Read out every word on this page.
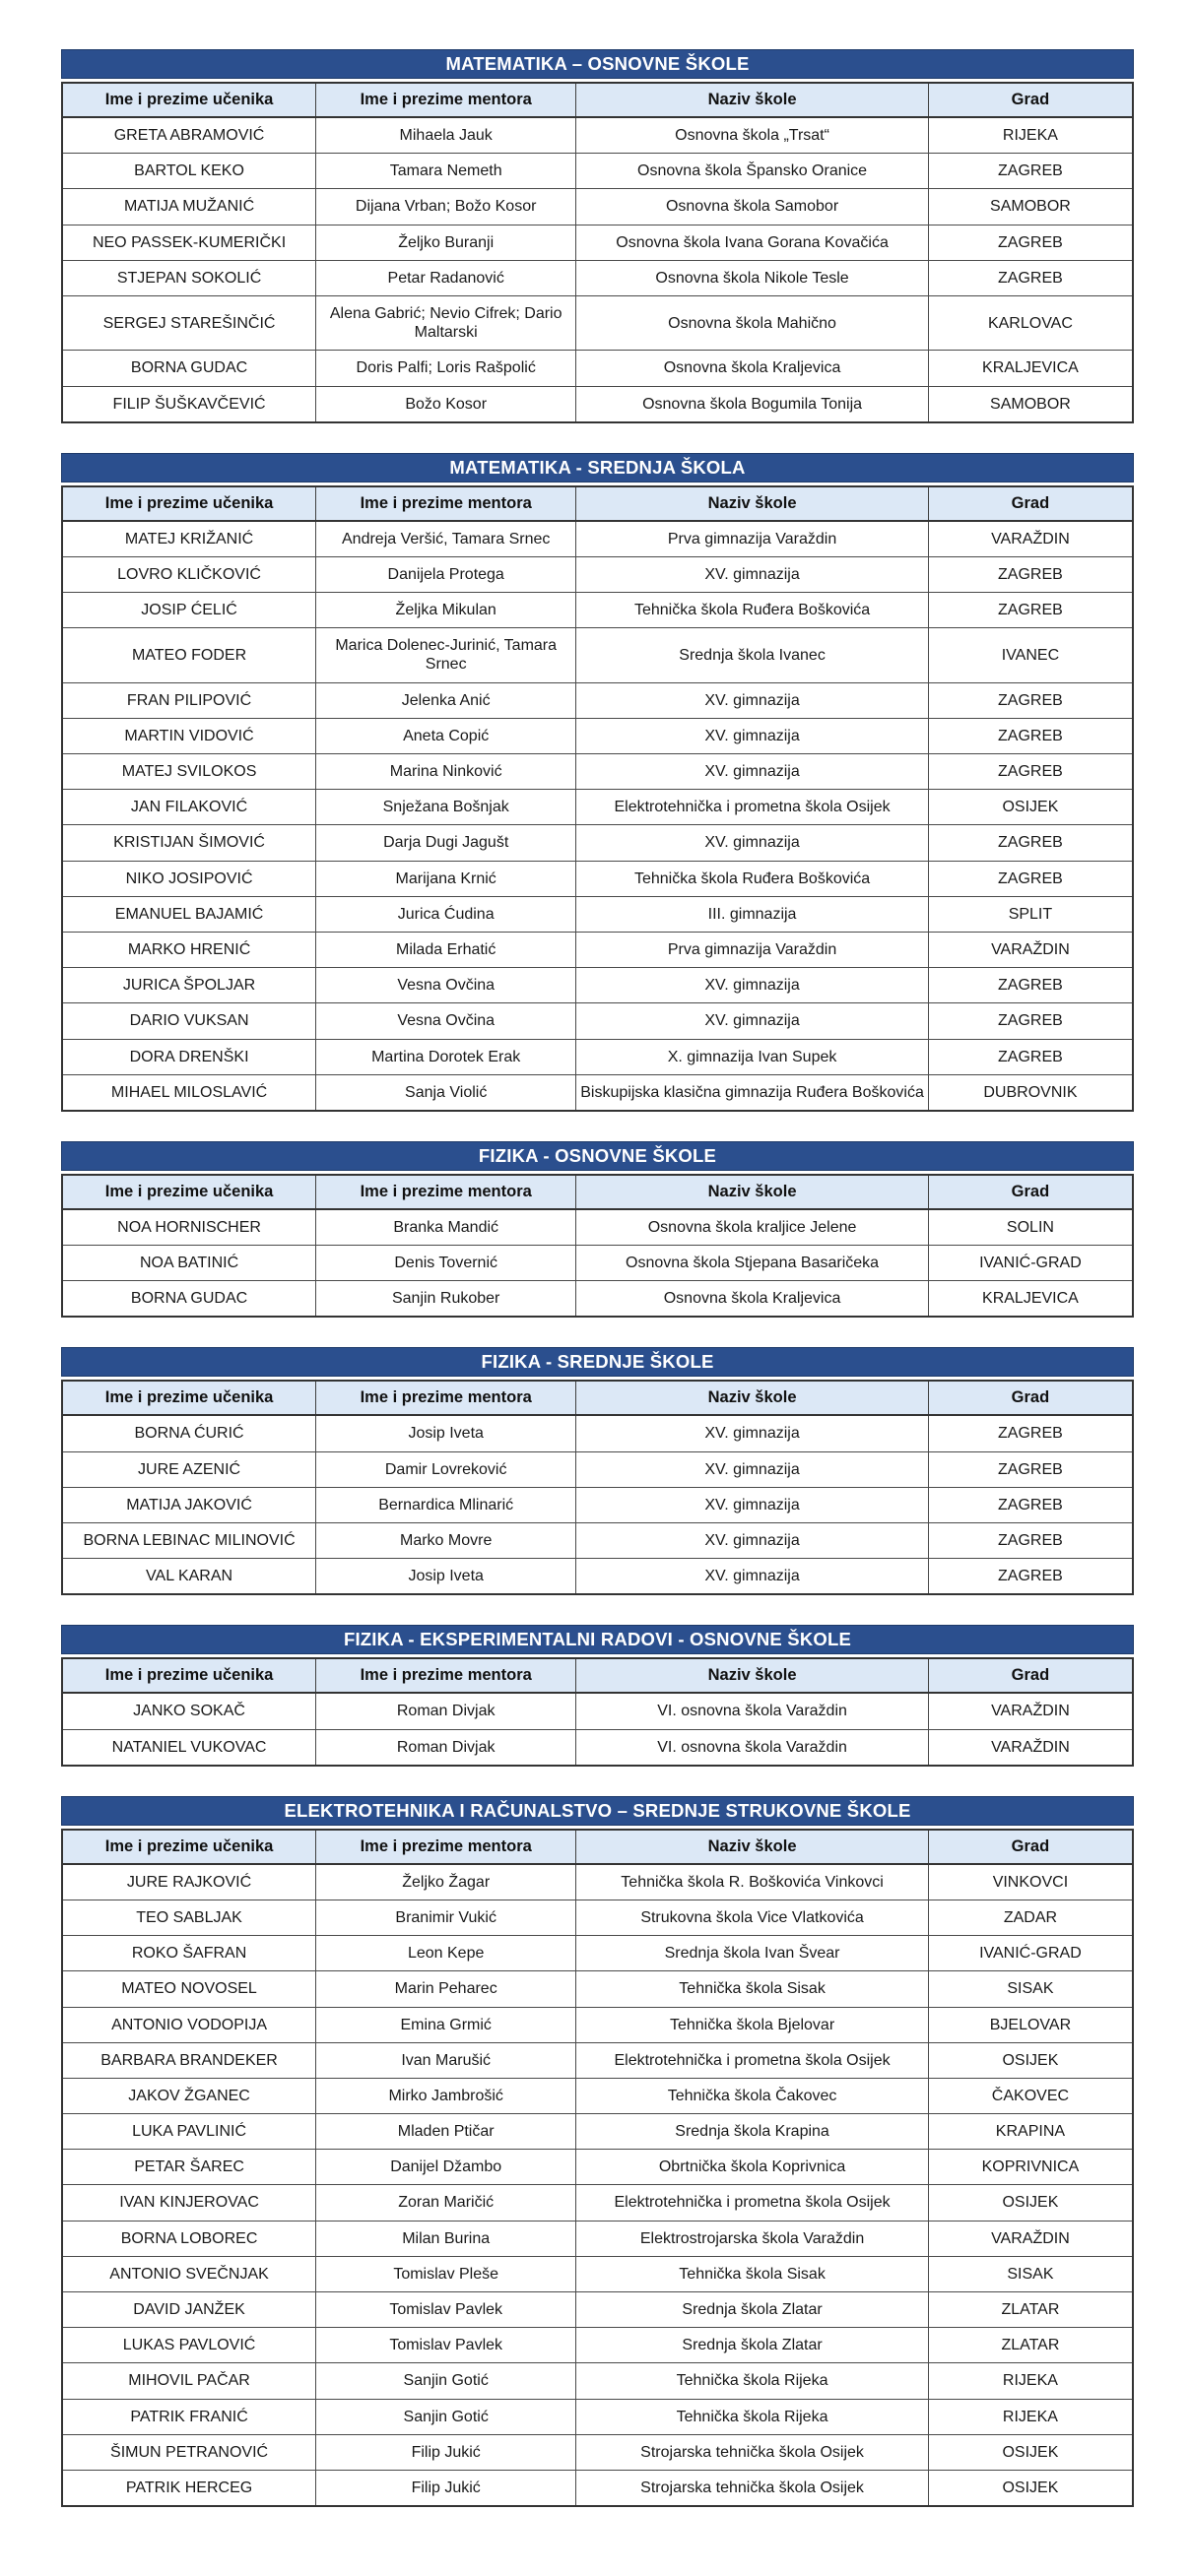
MATEMATIKA – OSNOVNE ŠKOLE
Ime i prezime učenika	Ime i prezime mentora	Naziv škole	Grad
GRETA ABRAMOVIĆ	Mihaela Jauk	Osnovna škola „Trsat“	RIJEKA
BARTOL KEKO	Tamara Nemeth	Osnovna škola Špansko Oranice	ZAGREB
MATIJA MUŽANIĆ	Dijana Vrban; Božo Kosor	Osnovna škola Samobor	SAMOBOR
NEO PASSEK-KUMERIČKI	Željko Buranji	Osnovna škola Ivana Gorana Kovačića	ZAGREB
STJEPAN SOKOLIĆ	Petar Radanović	Osnovna škola Nikole Tesle	ZAGREB
SERGEJ STAREŠINČIĆ	Alena Gabrić; Nevio Cifrek; Dario Maltarski	Osnovna škola Mahično	KARLOVAC
BORNA GUDAC	Doris Palfi; Loris Rašpolić	Osnovna škola Kraljevica	KRALJEVICA
FILIP ŠUŠKAVČEVIĆ	Božo Kosor	Osnovna škola Bogumila Tonija	SAMOBOR
MATEMATIKA - SREDNJA ŠKOLA
Ime i prezime učenika	Ime i prezime mentora	Naziv škole	Grad
MATEJ KRIŽANIĆ	Andreja Veršić, Tamara Srnec	Prva gimnazija Varaždin	VARAŽDIN
LOVRO KLIČKOVIĆ	Danijela Protega	XV. gimnazija	ZAGREB
JOSIP ĆELIĆ	Željka Mikulan	Tehnička škola Ruđera Boškovića	ZAGREB
MATEO FODER	Marica Dolenec-Jurinić, Tamara Srnec	Srednja škola Ivanec	IVANEC
FRAN PILIPOVIĆ	Jelenka Anić	XV. gimnazija	ZAGREB
MARTIN VIDOVIĆ	Aneta Copić	XV. gimnazija	ZAGREB
MATEJ SVILOKOS	Marina Ninković	XV. gimnazija	ZAGREB
JAN FILAKOVIĆ	Snježana Bošnjak	Elektrotehnička i prometna škola Osijek	OSIJEK
KRISTIJAN ŠIMOVIĆ	Darja Dugi Jagušt	XV. gimnazija	ZAGREB
NIKO JOSIPOVIĆ	Marijana Krnić	Tehnička škola Ruđera Boškovića	ZAGREB
EMANUEL BAJAMIĆ	Jurica Ćudina	III. gimnazija	SPLIT
MARKO HRENIĆ	Milada Erhatić	Prva gimnazija Varaždin	VARAŽDIN
JURICA ŠPOLJAR	Vesna Ovčina	XV. gimnazija	ZAGREB
DARIO VUKSAN	Vesna Ovčina	XV. gimnazija	ZAGREB
DORA DRENŠKI	Martina Dorotek Erak	X. gimnazija Ivan Supek	ZAGREB
MIHAEL MILOSLAVIĆ	Sanja Violić	Biskupijska klasična gimnazija Ruđera Boškovića	DUBROVNIK
FIZIKA - OSNOVNE ŠKOLE
Ime i prezime učenika	Ime i prezime mentora	Naziv škole	Grad
NOA HORNISCHER	Branka Mandić	Osnovna škola kraljice Jelene	SOLIN
NOA BATINIĆ	Denis Tovernić	Osnovna škola Stjepana Basaričeka	IVANIĆ-GRAD
BORNA GUDAC	Sanjin Rukober	Osnovna škola Kraljevica	KRALJEVICA
FIZIKA - SREDNJE ŠKOLE
Ime i prezime učenika	Ime i prezime mentora	Naziv škole	Grad
BORNA ĆURIĆ	Josip Iveta	XV. gimnazija	ZAGREB
JURE AZENIĆ	Damir Lovreković	XV. gimnazija	ZAGREB
MATIJA JAKOVIĆ	Bernardica Mlinarić	XV. gimnazija	ZAGREB
BORNA LEBINAC MILINOVIĆ	Marko Movre	XV. gimnazija	ZAGREB
VAL KARAN	Josip Iveta	XV. gimnazija	ZAGREB
FIZIKA - EKSPERIMENTALNI RADOVI - OSNOVNE ŠKOLE
Ime i prezime učenika	Ime i prezime mentora	Naziv škole	Grad
JANKO SOKAČ	Roman Divjak	VI. osnovna škola Varaždin	VARAŽDIN
NATANIEL VUKOVAC	Roman Divjak	VI. osnovna škola Varaždin	VARAŽDIN
ELEKTROTEHNIKA I RAČUNALSTVO – SREDNJE STRUKOVNE ŠKOLE
Ime i prezime učenika	Ime i prezime mentora	Naziv škole	Grad
JURE RAJKOVIĆ	Željko Žagar	Tehnička škola R. Boškovića Vinkovci	VINKOVCI
TEO SABLJAK	Branimir Vukić	Strukovna škola Vice Vlatkovića	ZADAR
ROKO ŠAFRAN	Leon Kepe	Srednja škola Ivan Švear	IVANIĆ-GRAD
MATEO NOVOSEL	Marin Peharec	Tehnička škola Sisak	SISAK
ANTONIO VODOPIJA	Emina Grmić	Tehnička škola Bjelovar	BJELOVAR
BARBARA BRANDEKER	Ivan Marušić	Elektrotehnička i prometna škola Osijek	OSIJEK
JAKOV ŽGANEC	Mirko Jambrošić	Tehnička škola Čakovec	ČAKOVEC
LUKA PAVLINIĆ	Mladen Ptičar	Srednja škola Krapina	KRAPINA
PETAR ŠAREC	Danijel Džambo	Obrtnička škola Koprivnica	KOPRIVNICA
IVAN KINJEROVAC	Zoran Maričić	Elektrotehnička i prometna škola Osijek	OSIJEK
BORNA LOBOREC	Milan Burina	Elektrostrojarska škola Varaždin	VARAŽDIN
ANTONIO SVEČNJAK	Tomislav Pleše	Tehnička škola Sisak	SISAK
DAVID JANŽEK	Tomislav Pavlek	Srednja škola Zlatar	ZLATAR
LUKAS PAVLOVIĆ	Tomislav Pavlek	Srednja škola Zlatar	ZLATAR
MIHOVIL PAČAR	Sanjin Gotić	Tehnička škola Rijeka	RIJEKA
PATRIK FRANIĆ	Sanjin Gotić	Tehnička škola Rijeka	RIJEKA
ŠIMUN PETRANOVIĆ	Filip Jukić	Strojarska tehnička škola Osijek	OSIJEK
PATRIK HERCEG	Filip Jukić	Strojarska tehnička škola Osijek	OSIJEK
